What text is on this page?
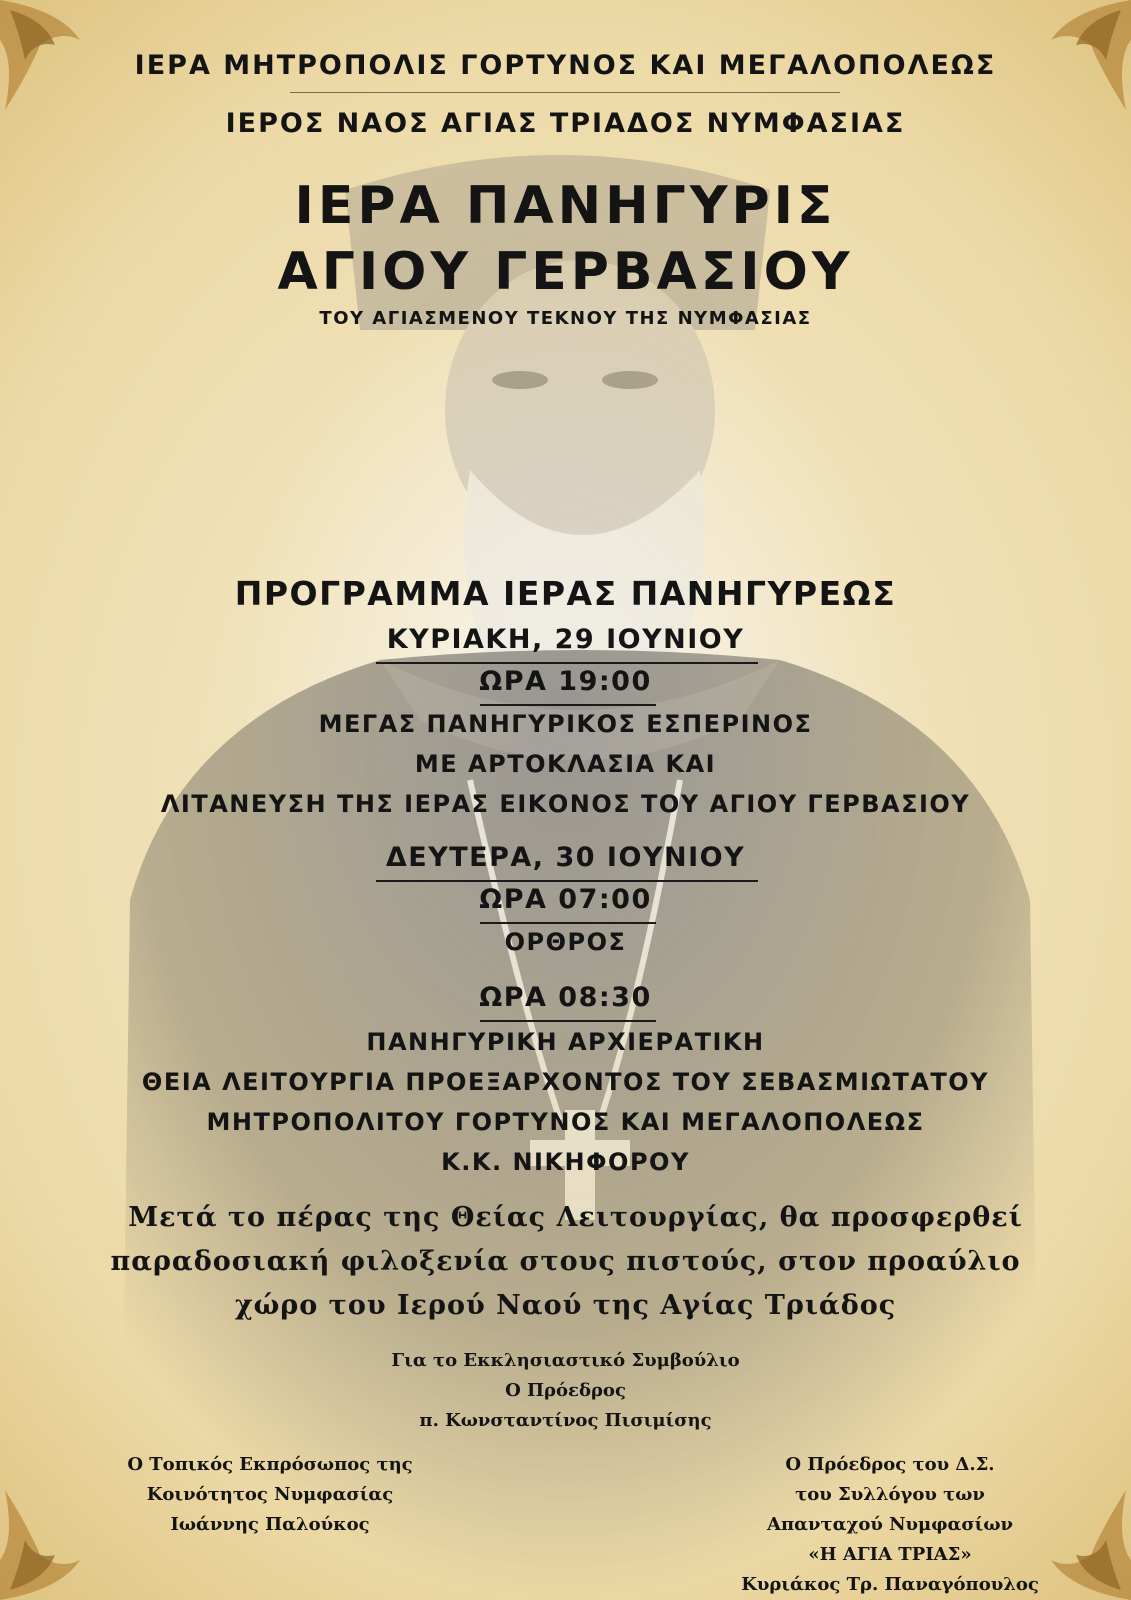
ΙΕΡΑ ΜΗΤΡΟΠΟΛΙΣ ΓΟΡΤΥΝΟΣ ΚΑΙ ΜΕΓΑΛΟΠΟΛΕΩΣ
ΙΕΡΟΣ ΝΑΟΣ ΑΓΙΑΣ ΤΡΙΑΔΟΣ ΝΥΜΦΑΣΙΑΣ
ΙΕΡΑ ΠΑΝΗΓΥΡΙΣ
ΑΓΙΟΥ ΓΕΡΒΑΣΙΟΥ
ΤΟΥ ΑΓΙΑΣΜΕΝΟΥ ΤΕΚΝΟΥ ΤΗΣ ΝΥΜΦΑΣΙΑΣ
ΠΡΟΓΡΑΜΜΑ ΙΕΡΑΣ ΠΑΝΗΓΥΡΕΩΣ
ΚΥΡΙΑΚΗ, 29 ΙΟΥΝΙΟΥ
ΩΡΑ 19:00
ΜΕΓΑΣ ΠΑΝΗΓΥΡΙΚΟΣ ΕΣΠΕΡΙΝΟΣ
ΜΕ ΑΡΤΟΚΛΑΣΙΑ ΚΑΙ
ΛΙΤΑΝΕΥΣΗ ΤΗΣ ΙΕΡΑΣ ΕΙΚΟΝΟΣ ΤΟΥ ΑΓΙΟΥ ΓΕΡΒΑΣΙΟΥ
ΔΕΥΤΕΡΑ, 30 ΙΟΥΝΙΟΥ
ΩΡΑ 07:00
ΟΡΘΡΟΣ
ΩΡΑ 08:30
ΠΑΝΗΓΥΡΙΚΗ ΑΡΧΙΕΡΑΤΙΚΗ
ΘΕΙΑ ΛΕΙΤΟΥΡΓΙΑ ΠΡΟΕΞΑΡΧΟΝΤΟΣ ΤΟΥ ΣΕΒΑΣΜΙΩΤΑΤΟΥ
ΜΗΤΡΟΠΟΛΙΤΟΥ ΓΟΡΤΥΝΟΣ ΚΑΙ ΜΕΓΑΛΟΠΟΛΕΩΣ
Κ.Κ. ΝΙΚΗΦΟΡΟΥ
Μετά το πέρας της Θείας Λειτουργίας, θα προσφερθεί
παραδοσιακή φιλοξενία στους πιστούς, στον προαύλιο
χώρο του Ιερού Ναού της Αγίας Τριάδος
Για το Εκκλησιαστικό Συμβούλιο
Ο Πρόεδρος
π. Κωνσταντίνος Πισιμίσης
Ο Τοπικός Εκπρόσωπος της
Κοινότητος Νυμφασίας
Ιωάννης Παλούκος
Ο Πρόεδρος του Δ.Σ.
του Συλλόγου των
Απανταχού Νυμφασίων
«Η ΑΓΙΑ ΤΡΙΑΣ»
Κυριάκος Τρ. Παναγόπουλος
